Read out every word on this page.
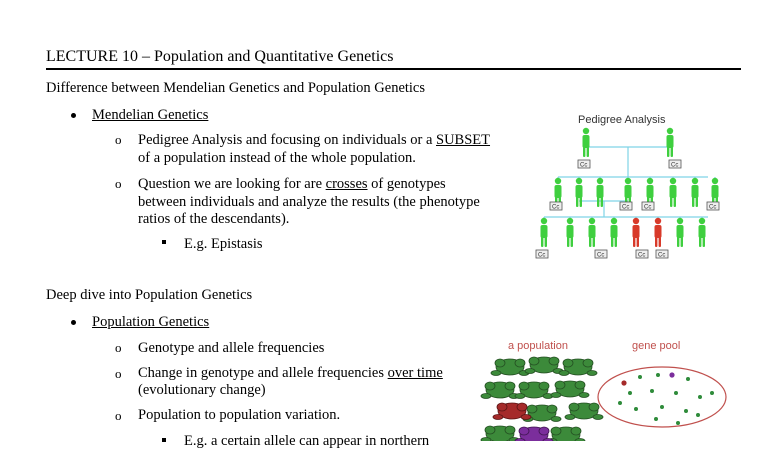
LECTURE 10 – Population and Quantitative Genetics
Difference between Mendelian Genetics and Population Genetics
Mendelian Genetics
o Pedigree Analysis and focusing on individuals or a SUBSET
of a population instead of the whole population.
o Question we are looking for are crosses of genotypes
between individuals and analyze the results (the phenotype
ratios of the descendants).
E.g. Epistasis
Deep dive into Population Genetics
Population Genetics
o Genotype and allele frequencies
o Change in genotype and allele frequencies over time
(evolutionary change)
o Population to population variation.
E.g. a certain allele can appear in northern
Pedigree Analysis
Cc	Cc
Cc	Cc Cc	Cc
Cc	Cc	Cc Cc
a population	gene pool
